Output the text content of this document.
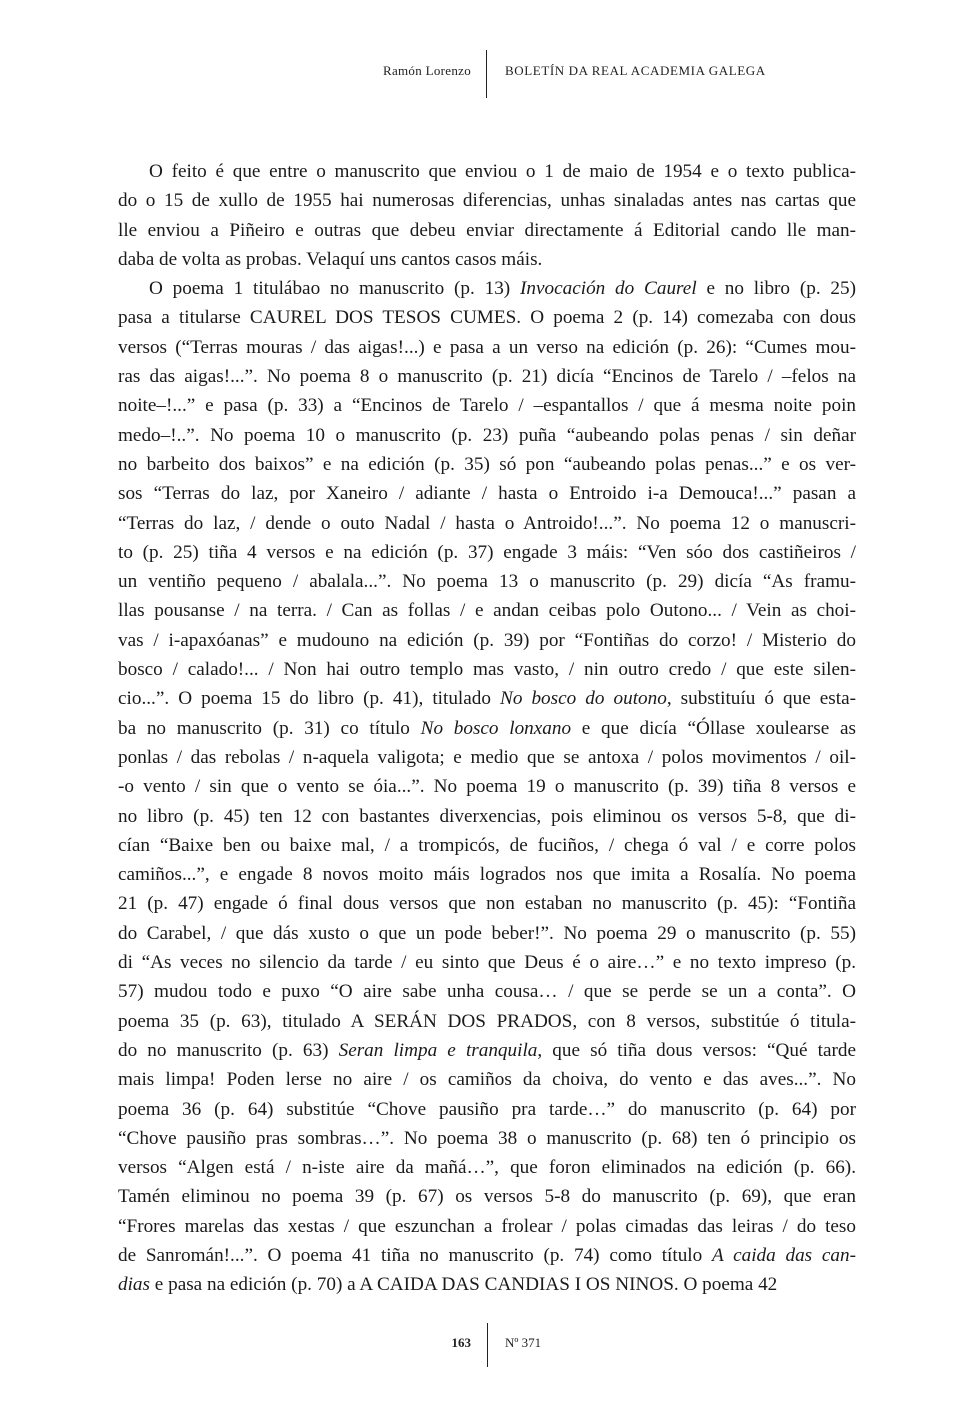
Ramón Lorenzo	BOLETÍN DA REAL ACADEMIA GALEGA
O feito é que entre o manuscrito que enviou o 1 de maio de 1954 e o texto publica-
do o 15 de xullo de 1955 hai numerosas diferencias, unhas sinaladas antes nas cartas que
lle enviou a Piñeiro e outras que debeu enviar directamente á Editorial cando lle man-
daba de volta as probas. Velaquí uns cantos casos máis.
O poema 1 titulábao no manuscrito (p. 13) Invocación do Caurel e no libro (p. 25)
pasa a titularse CAUREL DOS TESOS CUMES. O poema 2 (p. 14) comezaba con dous
versos (“Terras mouras / das aigas!...) e pasa a un verso na edición (p. 26): “Cumes mou-
ras das aigas!...”. No poema 8 o manuscrito (p. 21) dicía “Encinos de Tarelo / –felos na
noite–!...” e pasa (p. 33) a “Encinos de Tarelo / –espantallos / que á mesma noite poin
medo–!..”. No poema 10 o manuscrito (p. 23) puña “aubeando polas penas / sin deñar
no barbeito dos baixos” e na edición (p. 35) só pon “aubeando polas penas...” e os ver-
sos “Terras do laz, por Xaneiro / adiante / hasta o Entroido i-a Demouca!...” pasan a
“Terras do laz, / dende o outo Nadal / hasta o Antroido!...”. No poema 12 o manuscri-
to (p. 25) tiña 4 versos e na edición (p. 37) engade 3 máis: “Ven sóo dos castiñeiros /
un ventiño pequeno / abalala...”. No poema 13 o manuscrito (p. 29) dicía “As framu-
llas pousanse / na terra. / Can as follas / e andan ceibas polo Outono... / Vein as choi-
vas / i-apaxóanas” e mudouno na edición (p. 39) por “Fontiñas do corzo! / Misterio do
bosco / calado!... / Non hai outro templo mas vasto, / nin outro credo / que este silen-
cio...”. O poema 15 do libro (p. 41), titulado No bosco do outono, substituíu ó que esta-
ba no manuscrito (p. 31) co título No bosco lonxano e que dicía “Óllase xoulearse as
ponlas / das rebolas / n-aquela valigota; e medio que se antoxa / polos movimentos / oil-
-o vento / sin que o vento se óia...”. No poema 19 o manuscrito (p. 39) tiña 8 versos e
no libro (p. 45) ten 12 con bastantes diverxencias, pois eliminou os versos 5-8, que di-
cían “Baixe ben ou baixe mal, / a trompicós, de fuciños, / chega ó val / e corre polos
camiños...”, e engade 8 novos moito máis logrados nos que imita a Rosalía. No poema
21 (p. 47) engade ó final dous versos que non estaban no manuscrito (p. 45): “Fontiña
do Carabel, / que dás xusto o que un pode beber!”. No poema 29 o manuscrito (p. 55)
di “As veces no silencio da tarde / eu sinto que Deus é o aire…” e no texto impreso (p.
57) mudou todo e puxo “O aire sabe unha cousa… / que se perde se un a conta”. O
poema 35 (p. 63), titulado A SERÁN DOS PRADOS, con 8 versos, substitúe ó titula-
do no manuscrito (p. 63) Seran limpa e tranquila, que só tiña dous versos: “Qué tarde
mais limpa! Poden lerse no aire / os camiños da choiva, do vento e das aves...”. No
poema 36 (p. 64) substitúe “Chove pausiño pra tarde…” do manuscrito (p. 64) por
“Chove pausiño pras sombras…”. No poema 38 o manuscrito (p. 68) ten ó principio os
versos “Algen está / n-iste aire da mañá…”, que foron eliminados na edición (p. 66).
Tamén eliminou no poema 39 (p. 67) os versos 5-8 do manuscrito (p. 69), que eran
“Frores marelas das xestas / que eszunchan a frolear / polas cimadas das leiras / do teso
de Sanromán!...”. O poema 41 tiña no manuscrito (p. 74) como título A caida das can-
dias e pasa na edición (p. 70) a A CAIDA DAS CANDIAS I OS NINOS. O poema 42
163	Nº 371
